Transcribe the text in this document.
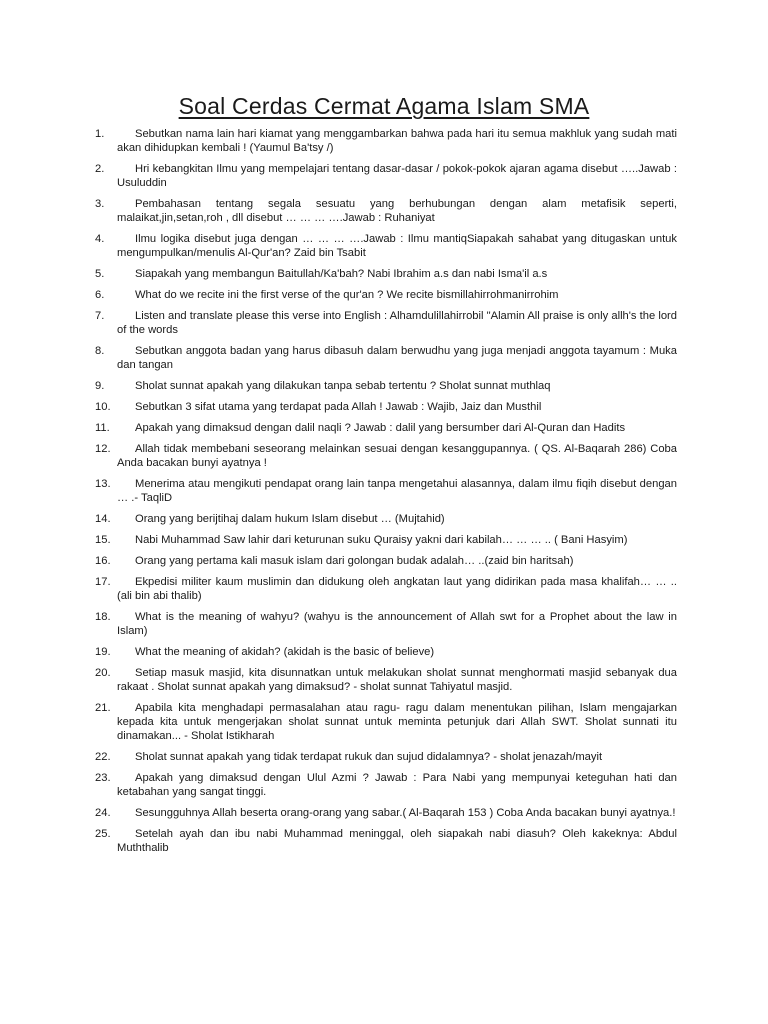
Soal Cerdas Cermat Agama Islam SMA
1.	Sebutkan nama lain hari kiamat yang menggambarkan bahwa pada hari itu semua makhluk yang sudah mati akan dihidupkan kembali ! (Yaumul Ba'tsy /)
2.	Hri kebangkitan Ilmu yang mempelajari tentang dasar-dasar / pokok-pokok ajaran agama disebut …..Jawab : Usuluddin
3.	Pembahasan tentang segala sesuatu yang berhubungan dengan alam metafisik seperti, malaikat,jin,setan,roh , dll disebut … … … ….Jawab : Ruhaniyat
4.	Ilmu logika disebut juga dengan … … … ….Jawab : Ilmu mantiqSiapakah sahabat yang ditugaskan untuk mengumpulkan/menulis Al-Qur'an? Zaid bin Tsabit
5.	Siapakah yang membangun Baitullah/Ka'bah? Nabi Ibrahim a.s dan nabi Isma'il a.s
6.	What do we recite ini the first verse of the qur'an ? We recite bismillahirrohmanirrohim
7.	Listen and translate please this verse into English : Alhamdulillahirrobil "Alamin All praise is only allh's the lord of the words
8.	Sebutkan anggota badan yang harus dibasuh dalam berwudhu yang juga menjadi anggota tayamum : Muka dan tangan
9.	Sholat sunnat apakah yang dilakukan tanpa sebab tertentu ? Sholat sunnat muthlaq
10.	Sebutkan 3 sifat utama yang terdapat pada Allah ! Jawab : Wajib, Jaiz dan Musthil
11.	Apakah yang dimaksud dengan dalil naqli ? Jawab : dalil yang bersumber dari Al-Quran dan Hadits
12.	Allah tidak membebani seseorang melainkan sesuai dengan kesanggupannya. ( QS. Al-Baqarah 286) Coba Anda bacakan bunyi ayatnya !
13.	Menerima atau mengikuti pendapat orang lain tanpa mengetahui alasannya, dalam ilmu fiqih disebut dengan … .- TaqliD
14.	Orang yang berijtihaj dalam hukum Islam disebut … (Mujtahid)
15.	Nabi Muhammad Saw lahir dari keturunan suku Quraisy yakni dari kabilah… … … .. ( Bani Hasyim)
16.	Orang yang pertama kali masuk islam dari golongan budak adalah… ..(zaid bin haritsah)
17.	Ekpedisi militer kaum muslimin dan didukung oleh angkatan laut yang didirikan pada masa khalifah… … .. (ali bin abi thalib)
18.	What is the meaning of wahyu? (wahyu is the announcement of Allah swt for a Prophet about the law in Islam)
19.	What the meaning of akidah? (akidah is the basic of believe)
20.	Setiap masuk masjid, kita disunnatkan untuk melakukan sholat sunnat menghormati masjid sebanyak dua rakaat . Sholat sunnat apakah yang dimaksud? - sholat sunnat Tahiyatul masjid.
21.	Apabila kita menghadapi permasalahan atau ragu- ragu dalam menentukan pilihan, Islam mengajarkan kepada kita untuk mengerjakan sholat sunnat untuk meminta petunjuk dari Allah SWT. Sholat sunnati itu dinamakan... - Sholat Istikharah
22.	Sholat sunnat apakah yang tidak terdapat rukuk dan sujud didalamnya? - sholat jenazah/mayit
23.	Apakah yang dimaksud dengan Ulul Azmi ? Jawab : Para Nabi yang mempunyai keteguhan hati dan ketabahan yang sangat tinggi.
24.	Sesungguhnya Allah beserta orang-orang yang sabar.( Al-Baqarah 153 ) Coba Anda bacakan bunyi ayatnya.!
25.	Setelah ayah dan ibu nabi Muhammad meninggal, oleh siapakah nabi diasuh? Oleh kakeknya: Abdul Muththalib
